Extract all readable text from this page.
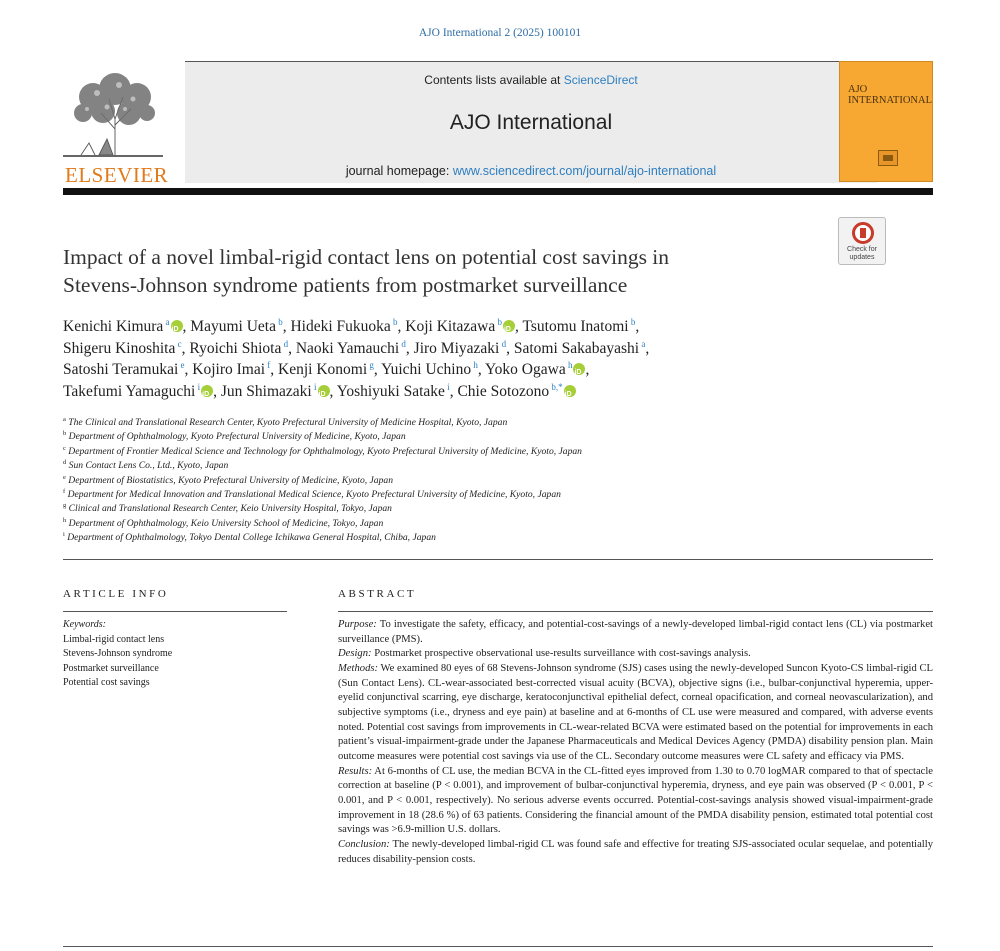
AJO International 2 (2025) 100101
ELSEVIER
Contents lists available at ScienceDirect
AJO International
journal homepage: www.sciencedirect.com/journal/ajo-international
AJO
INTERNATIONAL
Check for
updates
Impact of a novel limbal-rigid contact lens on potential cost savings in
Stevens-Johnson syndrome patients from postmarket surveillance
Kenichi Kimura $^a$ iD , Mayumi Ueta $^b$, Hideki Fukuoka $^b$, Koji Kitazawa $^b$ iD , Tsutomu Inatomi $^b$,
Shigeru Kinoshita $^c$, Ryoichi Shiota $^d$, Naoki Yamauchi $^d$, Jiro Miyazaki $^d$, Satomi Sakabayashi $^a$,
Satoshi Teramukai $^e$, Kojiro Imai $^f$, Kenji Konomi $^g$, Yuichi Uchino $^h$, Yoko Ogawa $^h$ iD ,
Takefumi Yamaguchi $^i$ iD , Jun Shimazaki $^i$ iD , Yoshiyuki Satake $^i$, Chie Sotozono $^{b,*}$iD
$^a$ The Clinical and Translational Research Center, Kyoto Prefectural University of Medicine Hospital, Kyoto, Japan
$^b$ Department of Ophthalmology, Kyoto Prefectural University of Medicine, Kyoto, Japan
$^c$ Department of Frontier Medical Science and Technology for Ophthalmology, Kyoto Prefectural University of Medicine, Kyoto, Japan
$^d$ Sun Contact Lens Co., Ltd., Kyoto, Japan
$^e$ Department of Biostatistics, Kyoto Prefectural University of Medicine, Kyoto, Japan
$^f$ Department for Medical Innovation and Translational Medical Science, Kyoto Prefectural University of Medicine, Kyoto, Japan
$^g$ Clinical and Translational Research Center, Keio University Hospital, Tokyo, Japan
$^h$ Department of Ophthalmology, Keio University School of Medicine, Tokyo, Japan
$^i$ Department of Ophthalmology, Tokyo Dental College Ichikawa General Hospital, Chiba, Japan
ARTICLE INFO
Keywords:
Limbal-rigid contact lens
Stevens-Johnson syndrome
Postmarket surveillance
Potential cost savings
ABSTRACT

Purpose: To investigate the safety, efficacy, and potential-cost-savings of a newly-developed limbal-rigid contact lens (CL) via postmarket surveillance (PMS).

Design: Postmarket prospective observational use-results surveillance with cost-savings analysis.

Methods: We examined 80 eyes of 68 Stevens-Johnson syndrome (SJS) cases using the newly-developed Suncon Kyoto-CS limbal-rigid CL (Sun Contact Lens). CL-wear-associated best-corrected visual acuity (BCVA), objective signs (i.e., bulbar-conjunctival hyperemia, upper-eyelid conjunctival scarring, eye discharge, keratoconjunctival epithelial defect, corneal opacification, and corneal neovascularization), and subjective symptoms (i.e., dryness and eye pain) at baseline and at 6-months of CL use were measured and compared, with adverse events noted. Potential cost savings from improvements in CL-wear-related BCVA were estimated based on the potential for improvements in each patient’s visual-impairment-grade under the Japanese Pharmaceuticals and Medical Devices Agency (PMDA) disability pension plan. Main outcome measures were potential cost savings via use of the CL. Secondary outcome measures were CL safety and efficacy via PMS.

Results: At 6-months of CL use, the median BCVA in the CL-fitted eyes improved from 1.30 to 0.70 logMAR compared to that of spectacle correction at baseline (P < 0.001), and improvement of bulbar-conjunctival hyperemia, dryness, and eye pain was observed (P < 0.001, P < 0.001, and P < 0.001, respectively). No serious adverse events occurred. Potential-cost-savings analysis showed visual-impairment-grade improvement in 18 (28.6 %) of 63 patients. Considering the financial amount of the PMDA disability pension, estimated total potential cost savings was >6.9-million U.S. dollars.

Conclusion: The newly-developed limbal-rigid CL was found safe and effective for treating SJS-associated ocular sequelae, and potentially reduces disability-pension costs.
